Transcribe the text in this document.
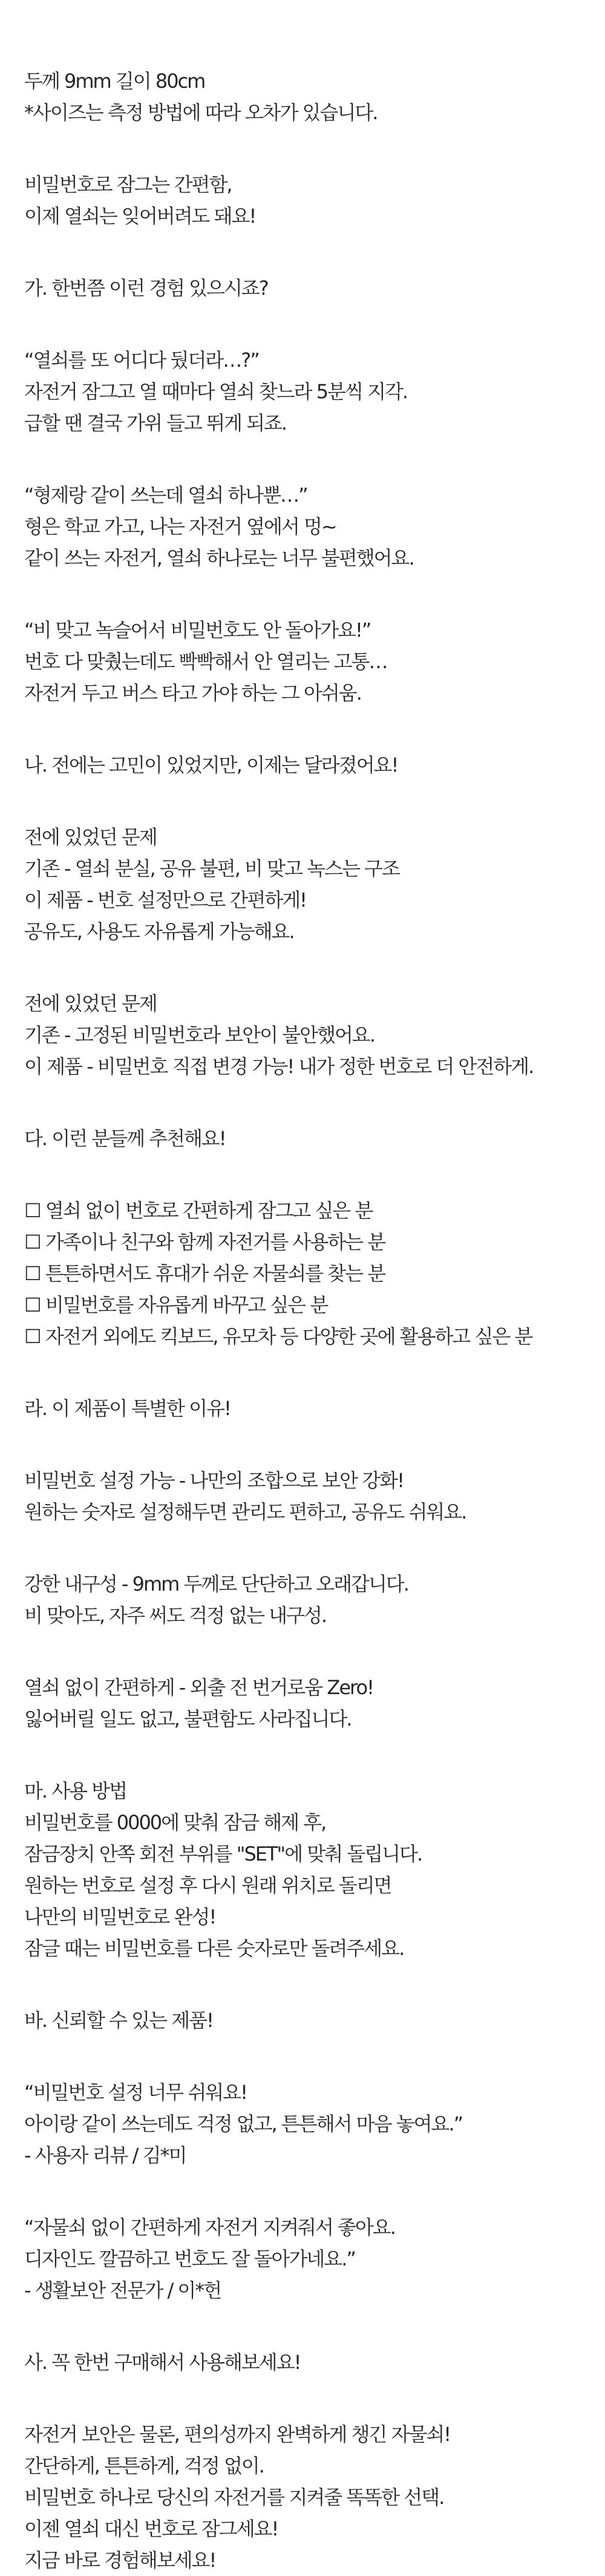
두께 9mm 길이 80cm
*사이즈는 측정 방법에 따라 오차가 있습니다.
비밀번호로 잠그는 간편함,
이제 열쇠는 잊어버려도 돼요!
가. 한번쯤 이런 경험 있으시죠?
“열쇠를 또 어디다 뒀더라…?”
자전거 잠그고 열 때마다 열쇠 찾느라 5분씩 지각.
급할 땐 결국 가위 들고 뛰게 되죠.
“형제랑 같이 쓰는데 열쇠 하나뿐…”
형은 학교 가고, 나는 자전거 옆에서 멍~
같이 쓰는 자전거, 열쇠 하나로는 너무 불편했어요.
“비 맞고 녹슬어서 비밀번호도 안 돌아가요!”
번호 다 맞췄는데도 빡빡해서 안 열리는 고통…
자전거 두고 버스 타고 가야 하는 그 아쉬움.
나. 전에는 고민이 있었지만, 이제는 달라졌어요!
전에 있었던 문제
기존 - 열쇠 분실, 공유 불편, 비 맞고 녹스는 구조
이 제품 - 번호 설정만으로 간편하게!
공유도, 사용도 자유롭게 가능해요.
전에 있었던 문제
기존 - 고정된 비밀번호라 보안이 불안했어요.
이 제품 - 비밀번호 직접 변경 가능! 내가 정한 번호로 더 안전하게.
다. 이런 분들께 추천해요!
☐ 열쇠 없이 번호로 간편하게 잠그고 싶은 분
☐ 가족이나 친구와 함께 자전거를 사용하는 분
☐ 튼튼하면서도 휴대가 쉬운 자물쇠를 찾는 분
☐ 비밀번호를 자유롭게 바꾸고 싶은 분
☐ 자전거 외에도 킥보드, 유모차 등 다양한 곳에 활용하고 싶은 분
라. 이 제품이 특별한 이유!
비밀번호 설정 가능 - 나만의 조합으로 보안 강화!
원하는 숫자로 설정해두면 관리도 편하고, 공유도 쉬워요.
강한 내구성 - 9mm 두께로 단단하고 오래갑니다.
비 맞아도, 자주 써도 걱정 없는 내구성.
열쇠 없이 간편하게 - 외출 전 번거로움 Zero!
잃어버릴 일도 없고, 불편함도 사라집니다.
마. 사용 방법
비밀번호를 0000에 맞춰 잠금 해제 후,
잠금장치 안쪽 회전 부위를 "SET"에 맞춰 돌립니다.
원하는 번호로 설정 후 다시 원래 위치로 돌리면
나만의 비밀번호로 완성!
잠글 때는 비밀번호를 다른 숫자로만 돌려주세요.
바. 신뢰할 수 있는 제품!
“비밀번호 설정 너무 쉬워요!
아이랑 같이 쓰는데도 걱정 없고, 튼튼해서 마음 놓여요.”
- 사용자 리뷰 / 김*미
“자물쇠 없이 간편하게 자전거 지켜줘서 좋아요.
디자인도 깔끔하고 번호도 잘 돌아가네요.”
- 생활보안 전문가 / 이*헌
사. 꼭 한번 구매해서 사용해보세요!
자전거 보안은 물론, 편의성까지 완벽하게 챙긴 자물쇠!
간단하게, 튼튼하게, 걱정 없이.
비밀번호 하나로 당신의 자전거를 지켜줄 똑똑한 선택.
이젠 열쇠 대신 번호로 잠그세요!
지금 바로 경험해보세요!
